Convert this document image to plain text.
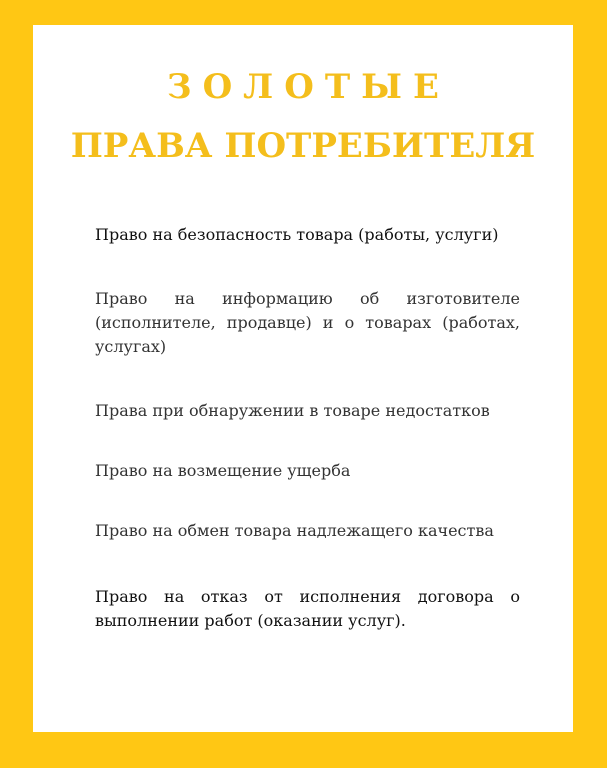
ЗОЛОТЫЕ
ПРАВА ПОТРЕБИТЕЛЯ

Право на безопасность товара (работы, услуги)

Право на информацию об изготовителе (исполнителе, продавце) и о товарах (работах, услугах)

Права при обнаружении в товаре недостатков

Право на возмещение ущерба

Право на обмен товара надлежащего качества

Право на отказ от исполнения договора о выполнении работ (оказании услуг).
